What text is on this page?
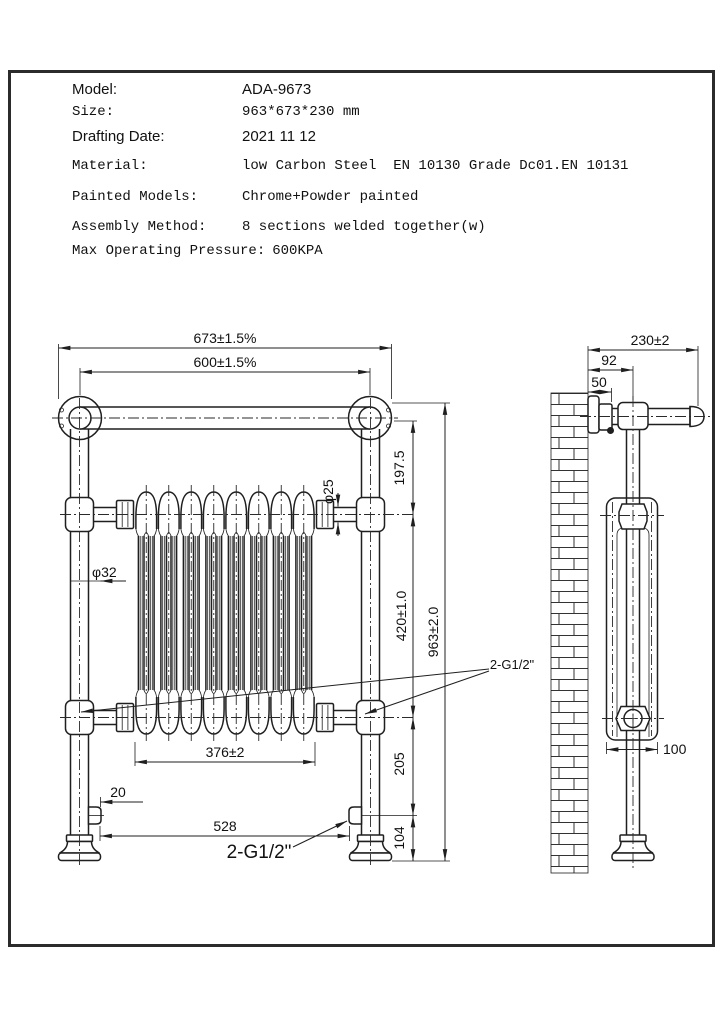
Model:	ADA-9673
Size:	963*673*230 mm
Drafting Date:	2021 11 12
Material:	low Carbon Steel  EN 10130 Grade Dc01.EN 10131
Painted Models:	Chrome+Powder painted
Assembly Method:	8 sections welded together(w)
Max Operating Pressure: 600KPA
673±1.5%
600±1.5%
φ25
φ32
197.5
420±1.0
205
104
963±2.0
376±2
20
528
2-G1/2"
2-G1/2"
230±2
92
50
100
